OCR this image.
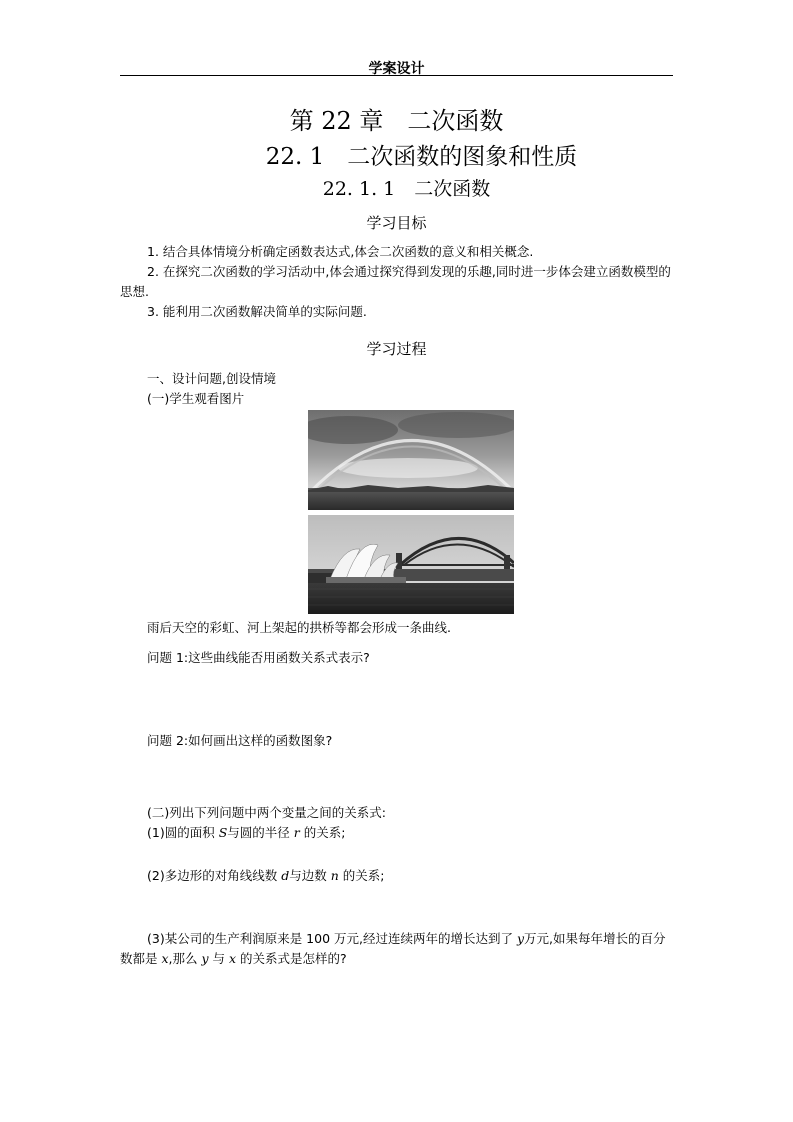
学案设计
第 22 章　二次函数
22. 1　二次函数的图象和性质
22. 1. 1　二次函数
学习目标
1. 结合具体情境分析确定函数表达式,体会二次函数的意义和相关概念.
2. 在探究二次函数的学习活动中,体会通过探究得到发现的乐趣,同时进一步体会建立函数模型的思想.
3. 能利用二次函数解决简单的实际问题.
学习过程
一、设计问题,创设情境
(一)学生观看图片
雨后天空的彩虹、河上架起的拱桥等都会形成一条曲线.
问题 1:这些曲线能否用函数关系式表示?
问题 2:如何画出这样的函数图象?
(二)列出下列问题中两个变量之间的关系式:
(1)圆的面积 S与圆的半径 r 的关系;
(2)多边形的对角线线数 d与边数 n 的关系;
(3)某公司的生产利润原来是 100 万元,经过连续两年的增长达到了 y万元,如果每年增长的百分数都是 x,那么 y 与 x 的关系式是怎样的?
